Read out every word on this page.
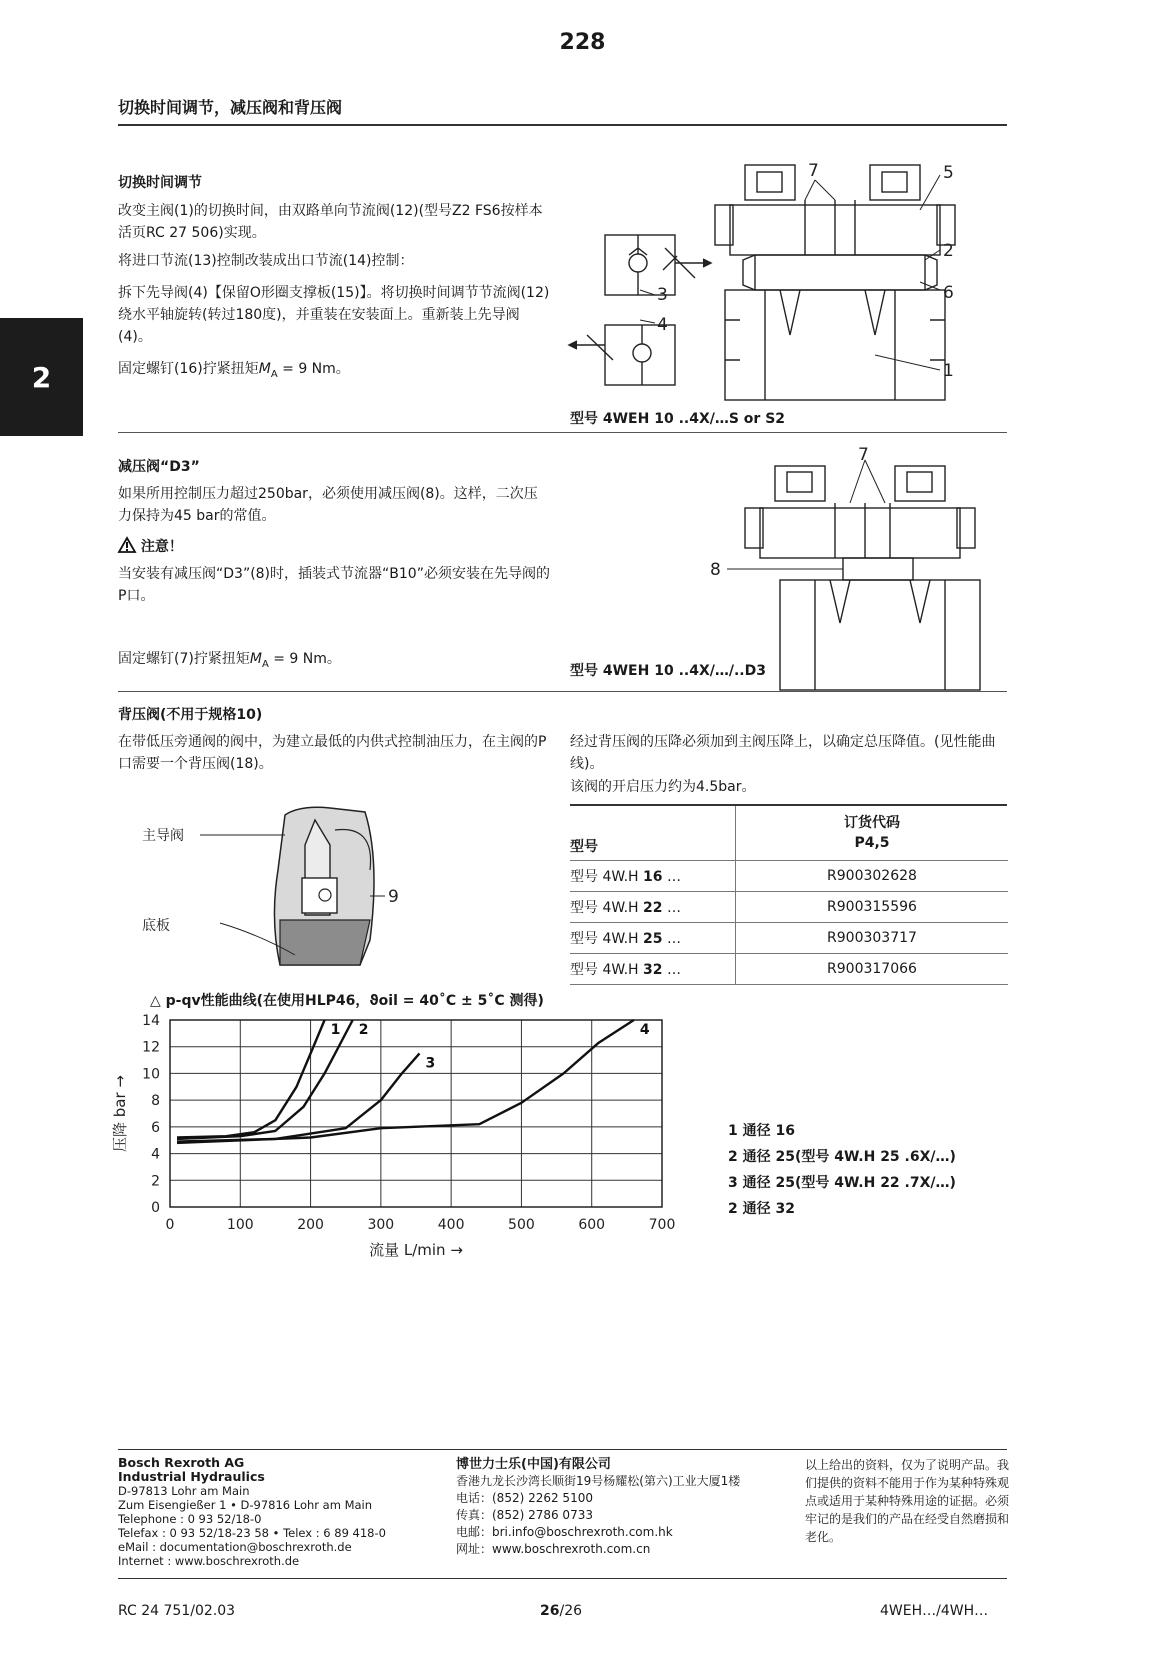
228
切换时间调节，减压阀和背压阀
2
切换时间调节
改变主阀(1)的切换时间，由双路单向节流阀(12)(型号Z2 FS6按样本活页RC 27 506)实现。
将进口节流(13)控制改装成出口节流(14)控制：
拆下先导阀(4)【保留O形圈支撑板(15)】。将切换时间调节节流阀(12)绕水平轴旋转(转过180度)，并重装在安装面上。重新装上先导阀(4)。
固定螺钉(16)拧紧扭矩$M_A = 9$ Nm。
7	5
2
6
1
3
4
型号 4WEH 10 ..4X/…S or S2
减压阀“D3”
如果所用控制压力超过250bar，必须使用减压阀(8)。这样，二次压力保持为45 bar的常值。
注意！
当安装有减压阀“D3”(8)时，插装式节流器“B10”必须安装在先导阀的P口。
固定螺钉(7)拧紧扭矩$M_A = 9$ Nm。
7
8
型号 4WEH 10 ..4X/…/..D3
背压阀(不用于规格10)
在带低压旁通阀的阀中，为建立最低的内供式控制油压力，在主阀的P口需要一个背压阀(18)。
经过背压阀的压降必须加到主阀压降上，以确定总压降值。(见性能曲线)。
该阀的开启压力约为4.5bar。
主导阀
底板
9
型号	订货代码
P4,5

型号 4W.H 16 …	R900302628
型号 4W.H 22 …	R900315596
型号 4W.H 25 …	R900303717
型号 4W.H 32 …	R900317066
△ p-qv性能曲线(在使用HLP46，ϑoil = 40˚C ± 5˚C 测得)
0	100	200	300	400	500	600	700
0
2
4
6
8
10
12
14
流量 L/min →
压降 bar →
1 2
3
4
1 通径 16
2 通径 25(型号 4W.H 25 .6X/…)
3 通径 25(型号 4W.H 22 .7X/…)
2 通径 32
Bosch Rexroth AG
Industrial Hydraulics
D-97813 Lohr am Main
Zum Eisengießer 1 • D-97816 Lohr am Main
Telephone : 0 93 52/18-0
Telefax : 0 93 52/18-23 58 • Telex : 6 89 418-0
eMail : documentation@boschrexroth.de
Internet : www.boschrexroth.de
博世力士乐(中国)有限公司
香港九龙长沙湾长顺街19号杨耀松(第六)工业大厦1楼
电话：(852) 2262 5100
传真：(852) 2786 0733
电邮：bri.info@boschrexroth.com.hk
网址：www.boschrexroth.com.cn
以上给出的资料，仅为了说明产品。我们提供的资料不能用于作为某种特殊观点或适用于某种特殊用途的证据。必须牢记的是我们的产品在经受自然磨损和老化。
RC 24 751/02.03	26/26	4WEH…/4WH…
